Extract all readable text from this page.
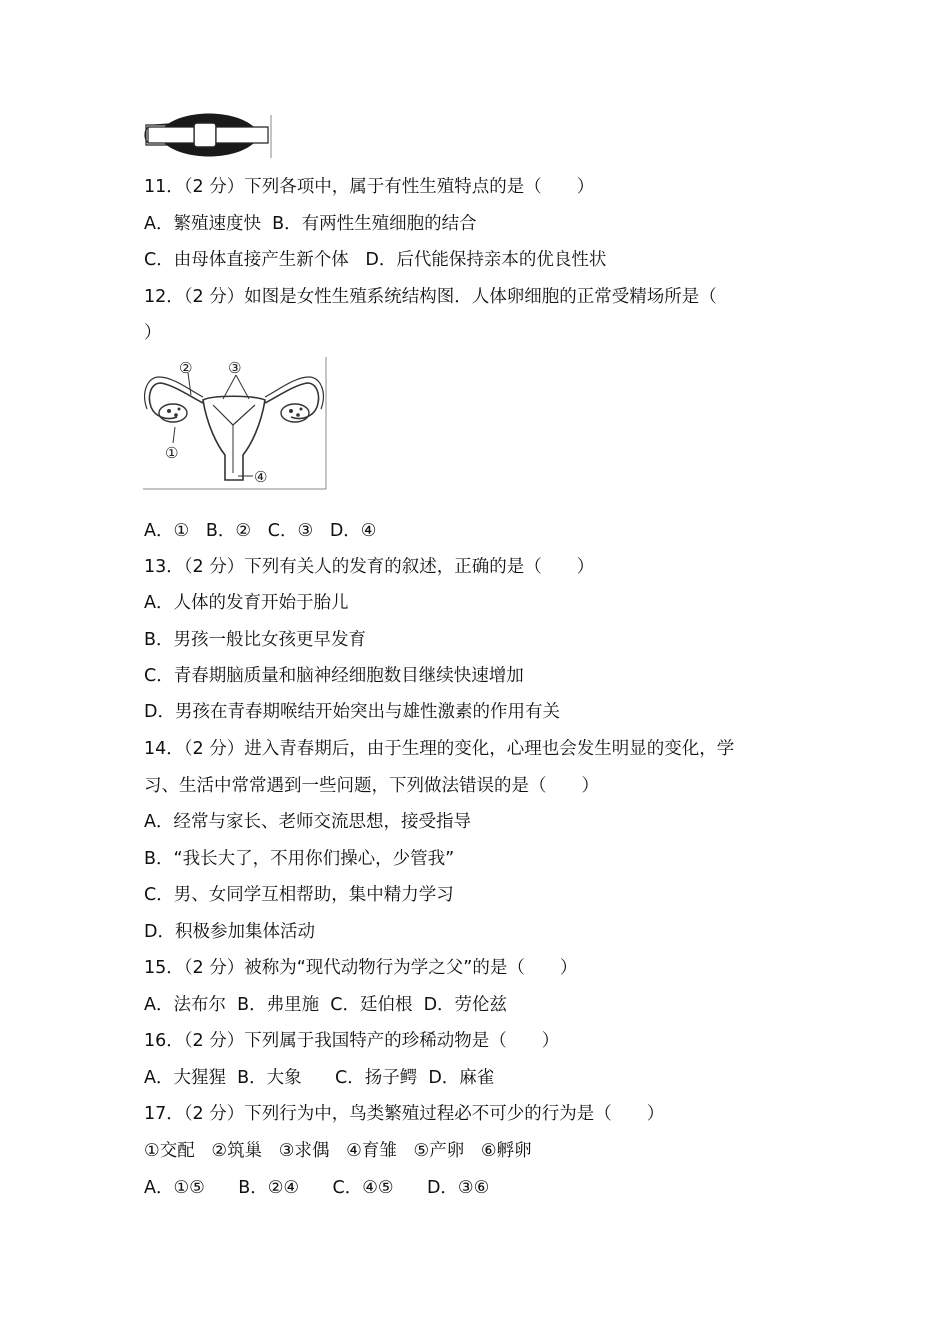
11．（2 分）下列各项中，属于有性生殖特点的是（　　）
A．繁殖速度快  B．有两性生殖细胞的结合
C．由母体直接产生新个体   D．后代能保持亲本的优良性状
12．（2 分）如图是女性生殖系统结构图．人体卵细胞的正常受精场所是（
）
② ③
①
④
A．①   B．②   C．③   D．④
13．（2 分）下列有关人的发育的叙述，正确的是（　　）
A．人体的发育开始于胎儿
B．男孩一般比女孩更早发育
C．青春期脑质量和脑神经细胞数目继续快速增加
D．男孩在青春期喉结开始突出与雄性激素的作用有关
14．（2 分）进入青春期后，由于生理的变化，心理也会发生明显的变化，学
习、生活中常常遇到一些问题，下列做法错误的是（　　）
A．经常与家长、老师交流思想，接受指导
B．“我长大了，不用你们操心，少管我”
C．男、女同学互相帮助，集中精力学习
D．积极参加集体活动
15．（2 分）被称为“现代动物行为学之父”的是（　　）
A．法布尔  B．弗里施  C．廷伯根  D．劳伦兹
16．（2 分）下列属于我国特产的珍稀动物是（　　）
A．大猩猩  B．大象      C．扬子鳄  D．麻雀
17．（2 分）下列行为中，鸟类繁殖过程必不可少的行为是（　　）
①交配   ②筑巢   ③求偶   ④育雏   ⑤产卵   ⑥孵卵
A．①⑤      B．②④      C．④⑤      D．③⑥
